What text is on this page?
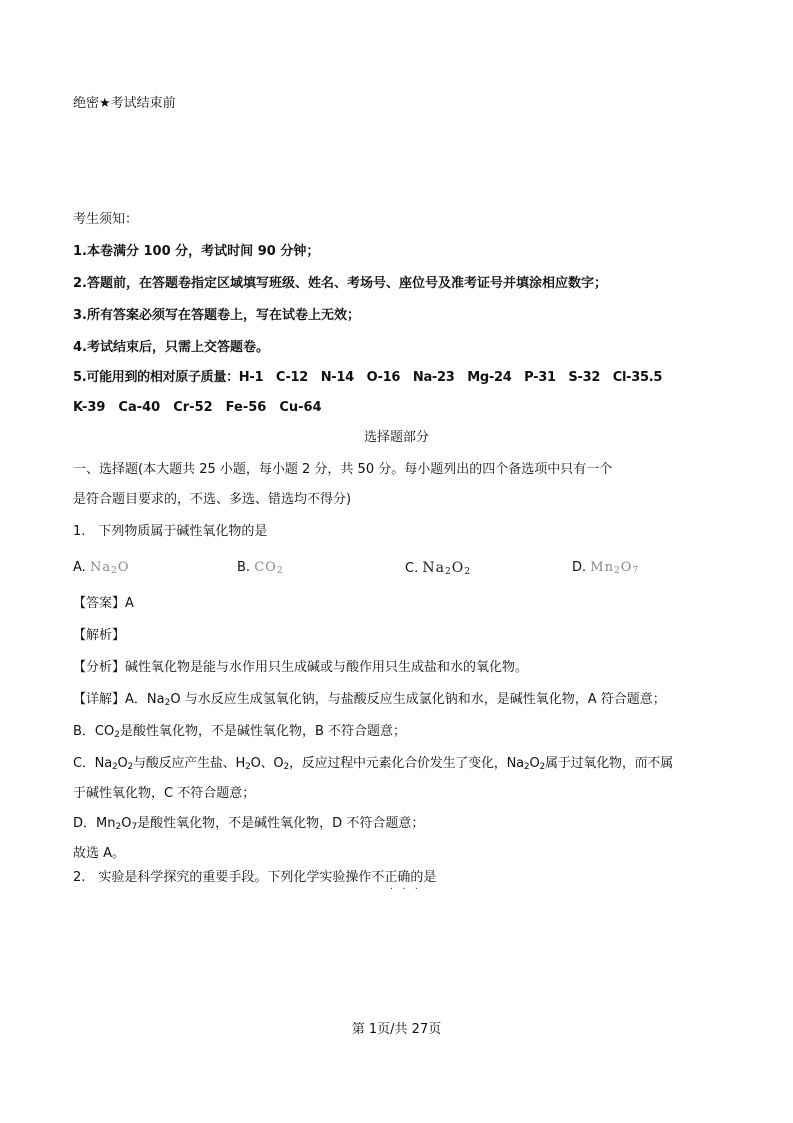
绝密★考试结束前
考生须知：
1.本卷满分 100 分，考试时间 90 分钟；
2.答题前，在答题卷指定区域填写班级、姓名、考场号、座位号及准考证号并填涂相应数字；
3.所有答案必须写在答题卷上，写在试卷上无效；
4.考试结束后，只需上交答题卷。
5.可能用到的相对原子质量：H-1　C-12　N-14　O-16　Na-23　Mg-24　P-31　S-32　Cl-35.5
K-39　Ca-40　Cr-52　Fe-56　Cu-64
选择题部分
一、选择题(本大题共 25 小题，每小题 2 分，共 50 分。每小题列出的四个备选项中只有一个
是符合题目要求的，不选、多选、错选均不得分)
1.　下列物质属于碱性氧化物的是
A. $Na_2O$	B. $CO_2$	C. $Na_2O_2$	D. $Mn_2O_7$
【答案】A
【解析】
【分析】碱性氧化物是能与水作用只生成碱或与酸作用只生成盐和水的氧化物。
【详解】A．$Na_2O$ 与水反应生成氢氧化钠，与盐酸反应生成氯化钠和水，是碱性氧化物，A 符合题意；
B．$CO_2$是酸性氧化物，不是碱性氧化物，B 不符合题意；
C．$Na_2O_2$与酸反应产生盐、$H_2O$、$O_2$，反应过程中元素化合价发生了变化，$Na_2O_2$属于过氧化物，而不属
于碱性氧化物，C 不符合题意；
D．$Mn_2O_7$是酸性氧化物，不是碱性氧化物，D 不符合题意；
故选 A。
2.　实验是科学探究的重要手段。下列化学实验操作不正确的是
· · ·
第 1页/共 27页
